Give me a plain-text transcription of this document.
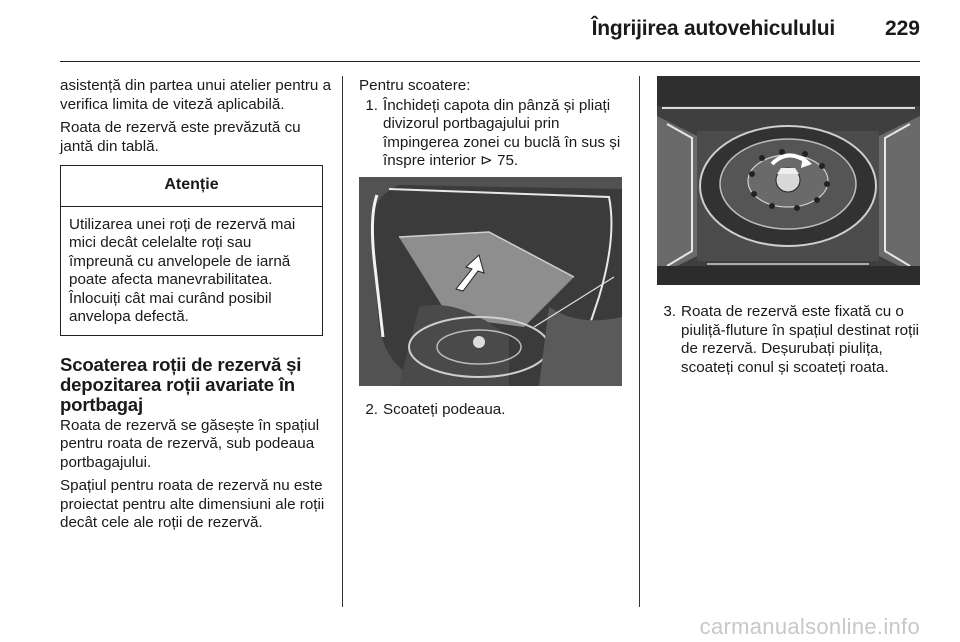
Îngrijirea autovehiculului 229

asistență din partea unui atelier pentru a verifica limita de viteză aplicabilă.

Roata de rezervă este prevăzută cu jantă din tablă.

Atenție
Utilizarea unei roți de rezervă mai mici decât celelalte roți sau împreună cu anvelopele de iarnă poate afecta manevrabilitatea. Înlocuiți cât mai curând posibil anvelopa defectă.
Scoaterea roții de rezervă și depozitarea roții avariate în portbagaj

Roata de rezervă se găsește în spațiul pentru roata de rezervă, sub podeaua portbagajului.

Spațiul pentru roata de rezervă nu este proiectat pentru alte dimensiuni ale roții decât cele ale roții de rezervă.

Pentru scoatere:

1. Închideți capota din pânză și pliați divizorul portbagajului prin împingerea zonei cu buclă în sus și înspre interior ⊳ 75.
2. Scoateți podeaua.
3. Roata de rezervă este fixată cu o piuliță-fluture în spațiul destinat roții de rezervă. Deșurubați piulița, scoateți conul și scoateți roata.
carmanualsonline.info
